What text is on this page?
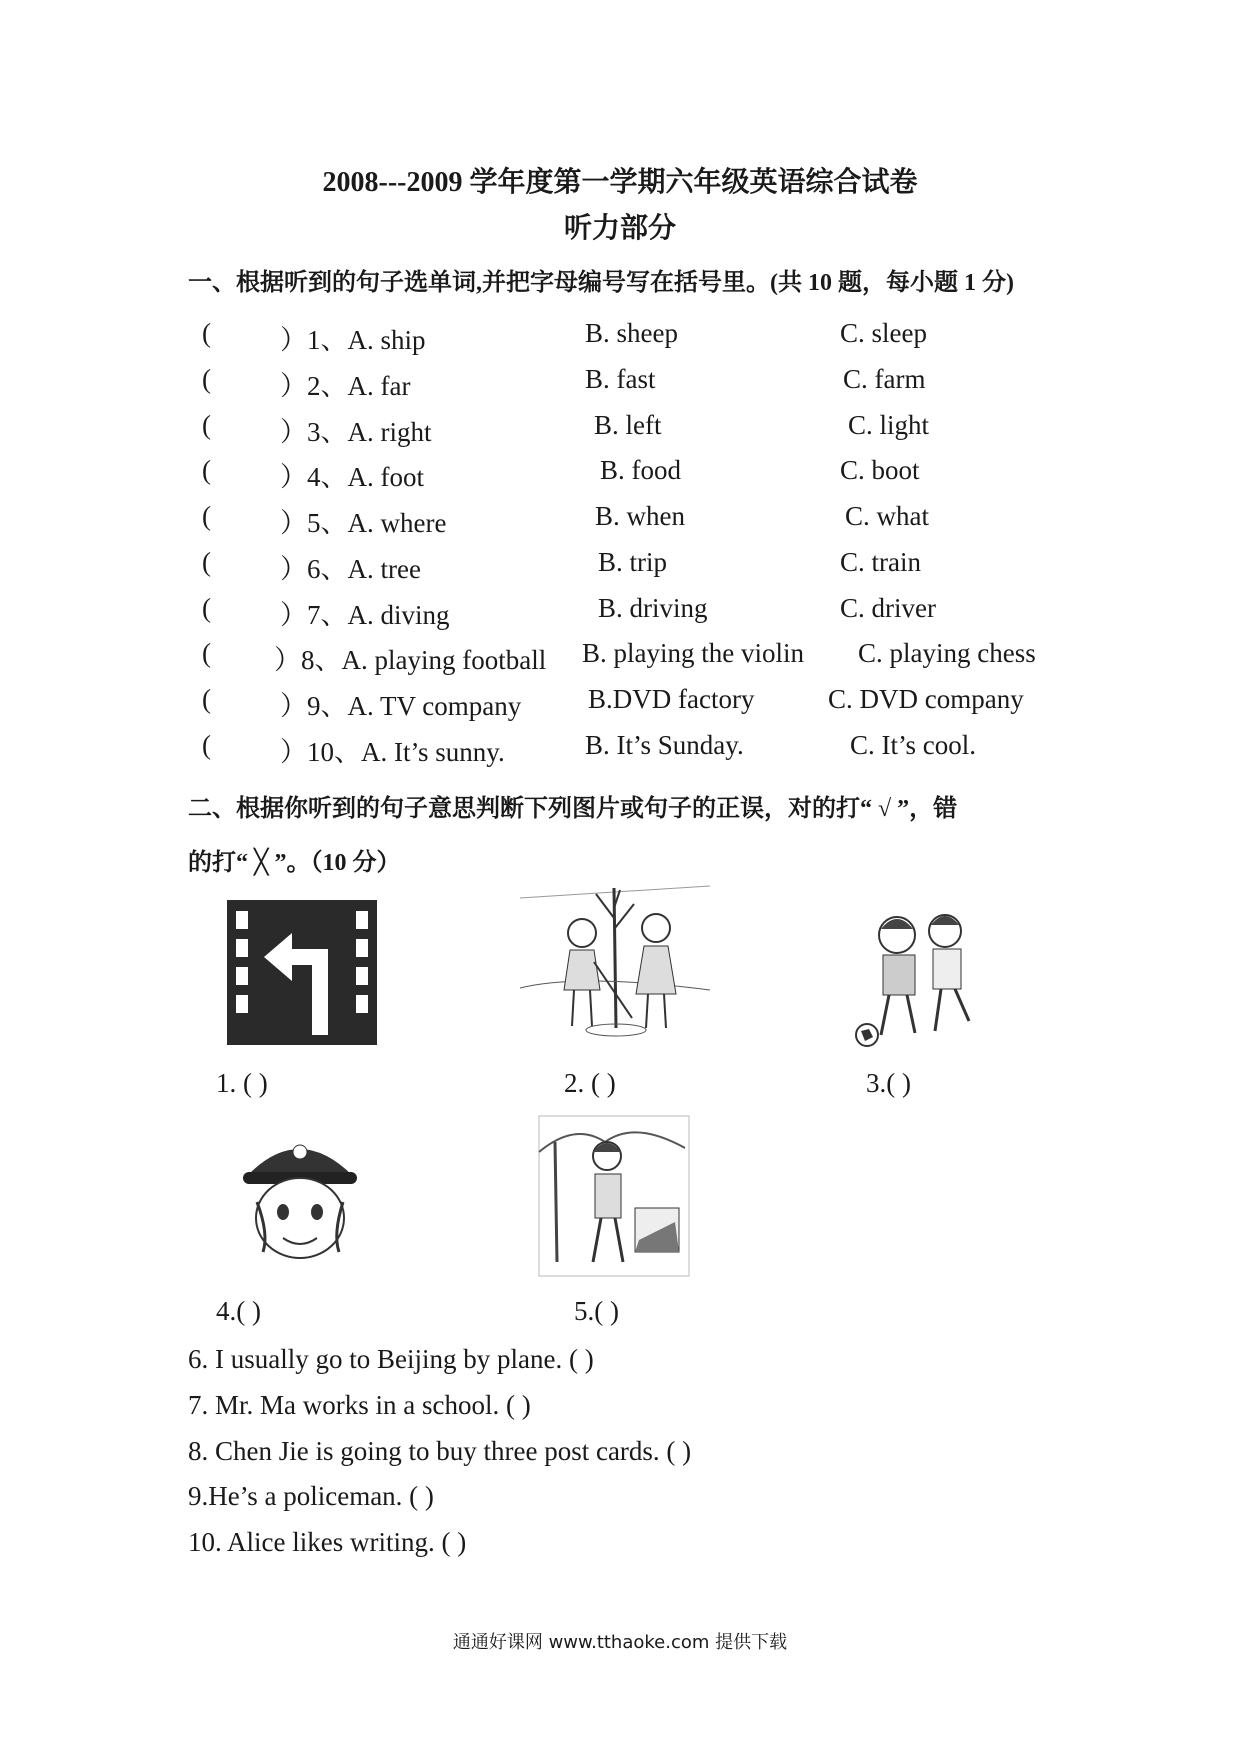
2008---2009 学年度第一学期六年级英语综合试卷
听力部分
一、根据听到的句子选单词,并把字母编号写在括号里。(共 10 题，每小题 1 分)
(	）1、A. ship	B. sheep	C. sleep
(	）2、A. far	B. fast	C. farm
(	）3、A. right	B. left	C. light
(	）4、A. foot	B. food	C. boot
(	）5、A. where	B. when	C. what
(	）6、A. tree	B. trip	C. train
(	）7、A. diving	B. driving	C. driver
( ）8、A. playing football B. playing the violin C. playing chess
(	）9、A. TV company B.DVD factory	C. DVD company
(	）10、A. It’s sunny.	B. It’s Sunday.	C. It’s cool.
二、根据你听到的句子意思判断下列图片或句子的正误，对的打“ √ ”，错
的打“ ╳ ”。（10 分）
1. ( )	2. ( )	3.( )
4.( )	5.( )
6. I usually go to Beijing by plane. ( )
7. Mr. Ma works in a school. ( )
8. Chen Jie is going to buy three post cards. ( )
9.He’s a policeman. ( )
10. Alice likes writing. ( )
通通好课网 www.tthaoke.com 提供下载
